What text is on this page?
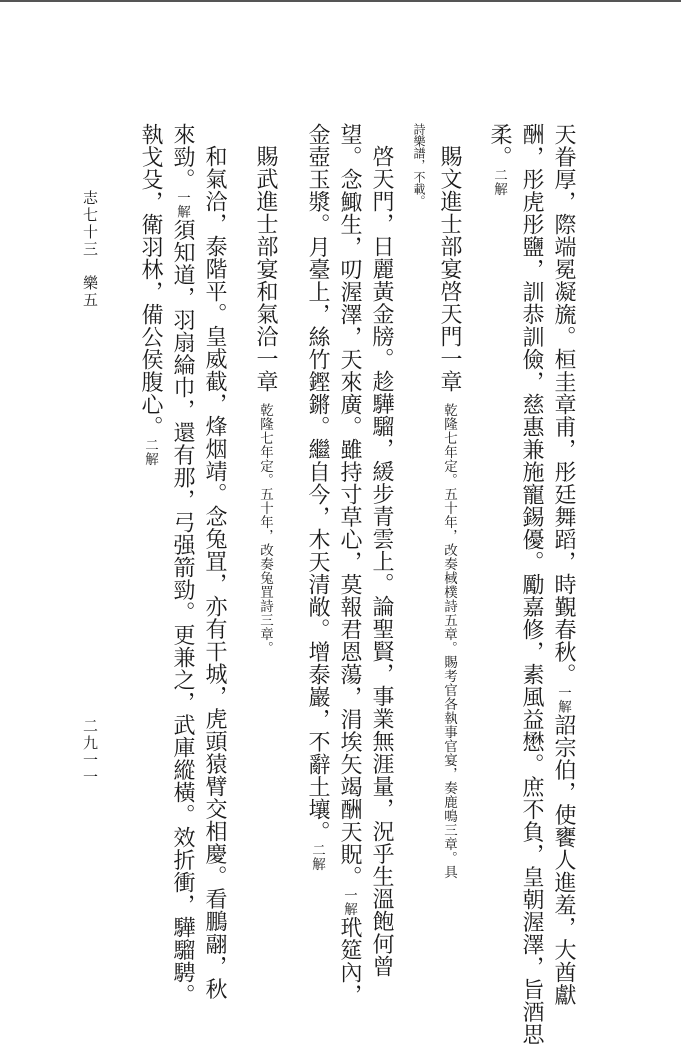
天眷厚，際端冕凝旒。桓圭章甫，彤廷舞蹈，時覲春秋。一解詔宗伯，使饔人進羞，大酋獻
酬，彤虎彤鹽，訓恭訓儉，慈惠兼施寵錫優。勵嘉修，素風益懋。庶不負，皇朝渥澤，旨酒思
柔。二解
賜文進士部宴啓天門一章乾隆七年定。五十年，改奏棫樸詩五章。賜考官各執事官宴，奏鹿鳴三章。具
詩樂譜，不載。
啓天門，日麗黃金牓。趁驊騮，緩步青雲上。論聖賢，事業無涯量，況乎生溫飽何曾
望。念鯫生，叨渥澤，天來廣。雖持寸草心，莫報君恩蕩，涓埃矢竭酬天貺。一解玳筵內，
金壺玉漿。月臺上，絲竹鏗鏘。繼自今，木天清敞。增泰巖，不辭土壤。二解
賜武進士部宴和氣洽一章乾隆七年定。五十年，改奏兔罝詩三章。
和氣洽，泰階平。皇威截，烽烟靖。念兔罝，亦有干城，虎頭猿臂交相慶。看鵬翮，秋
來勁。一解須知道，羽扇綸巾，還有那，弓强箭勁。更兼之，武庫縱橫。效折衝，驊騮騁。
執戈殳，衛羽林，備公侯腹心。二解
志七十三　樂五
二九一一
